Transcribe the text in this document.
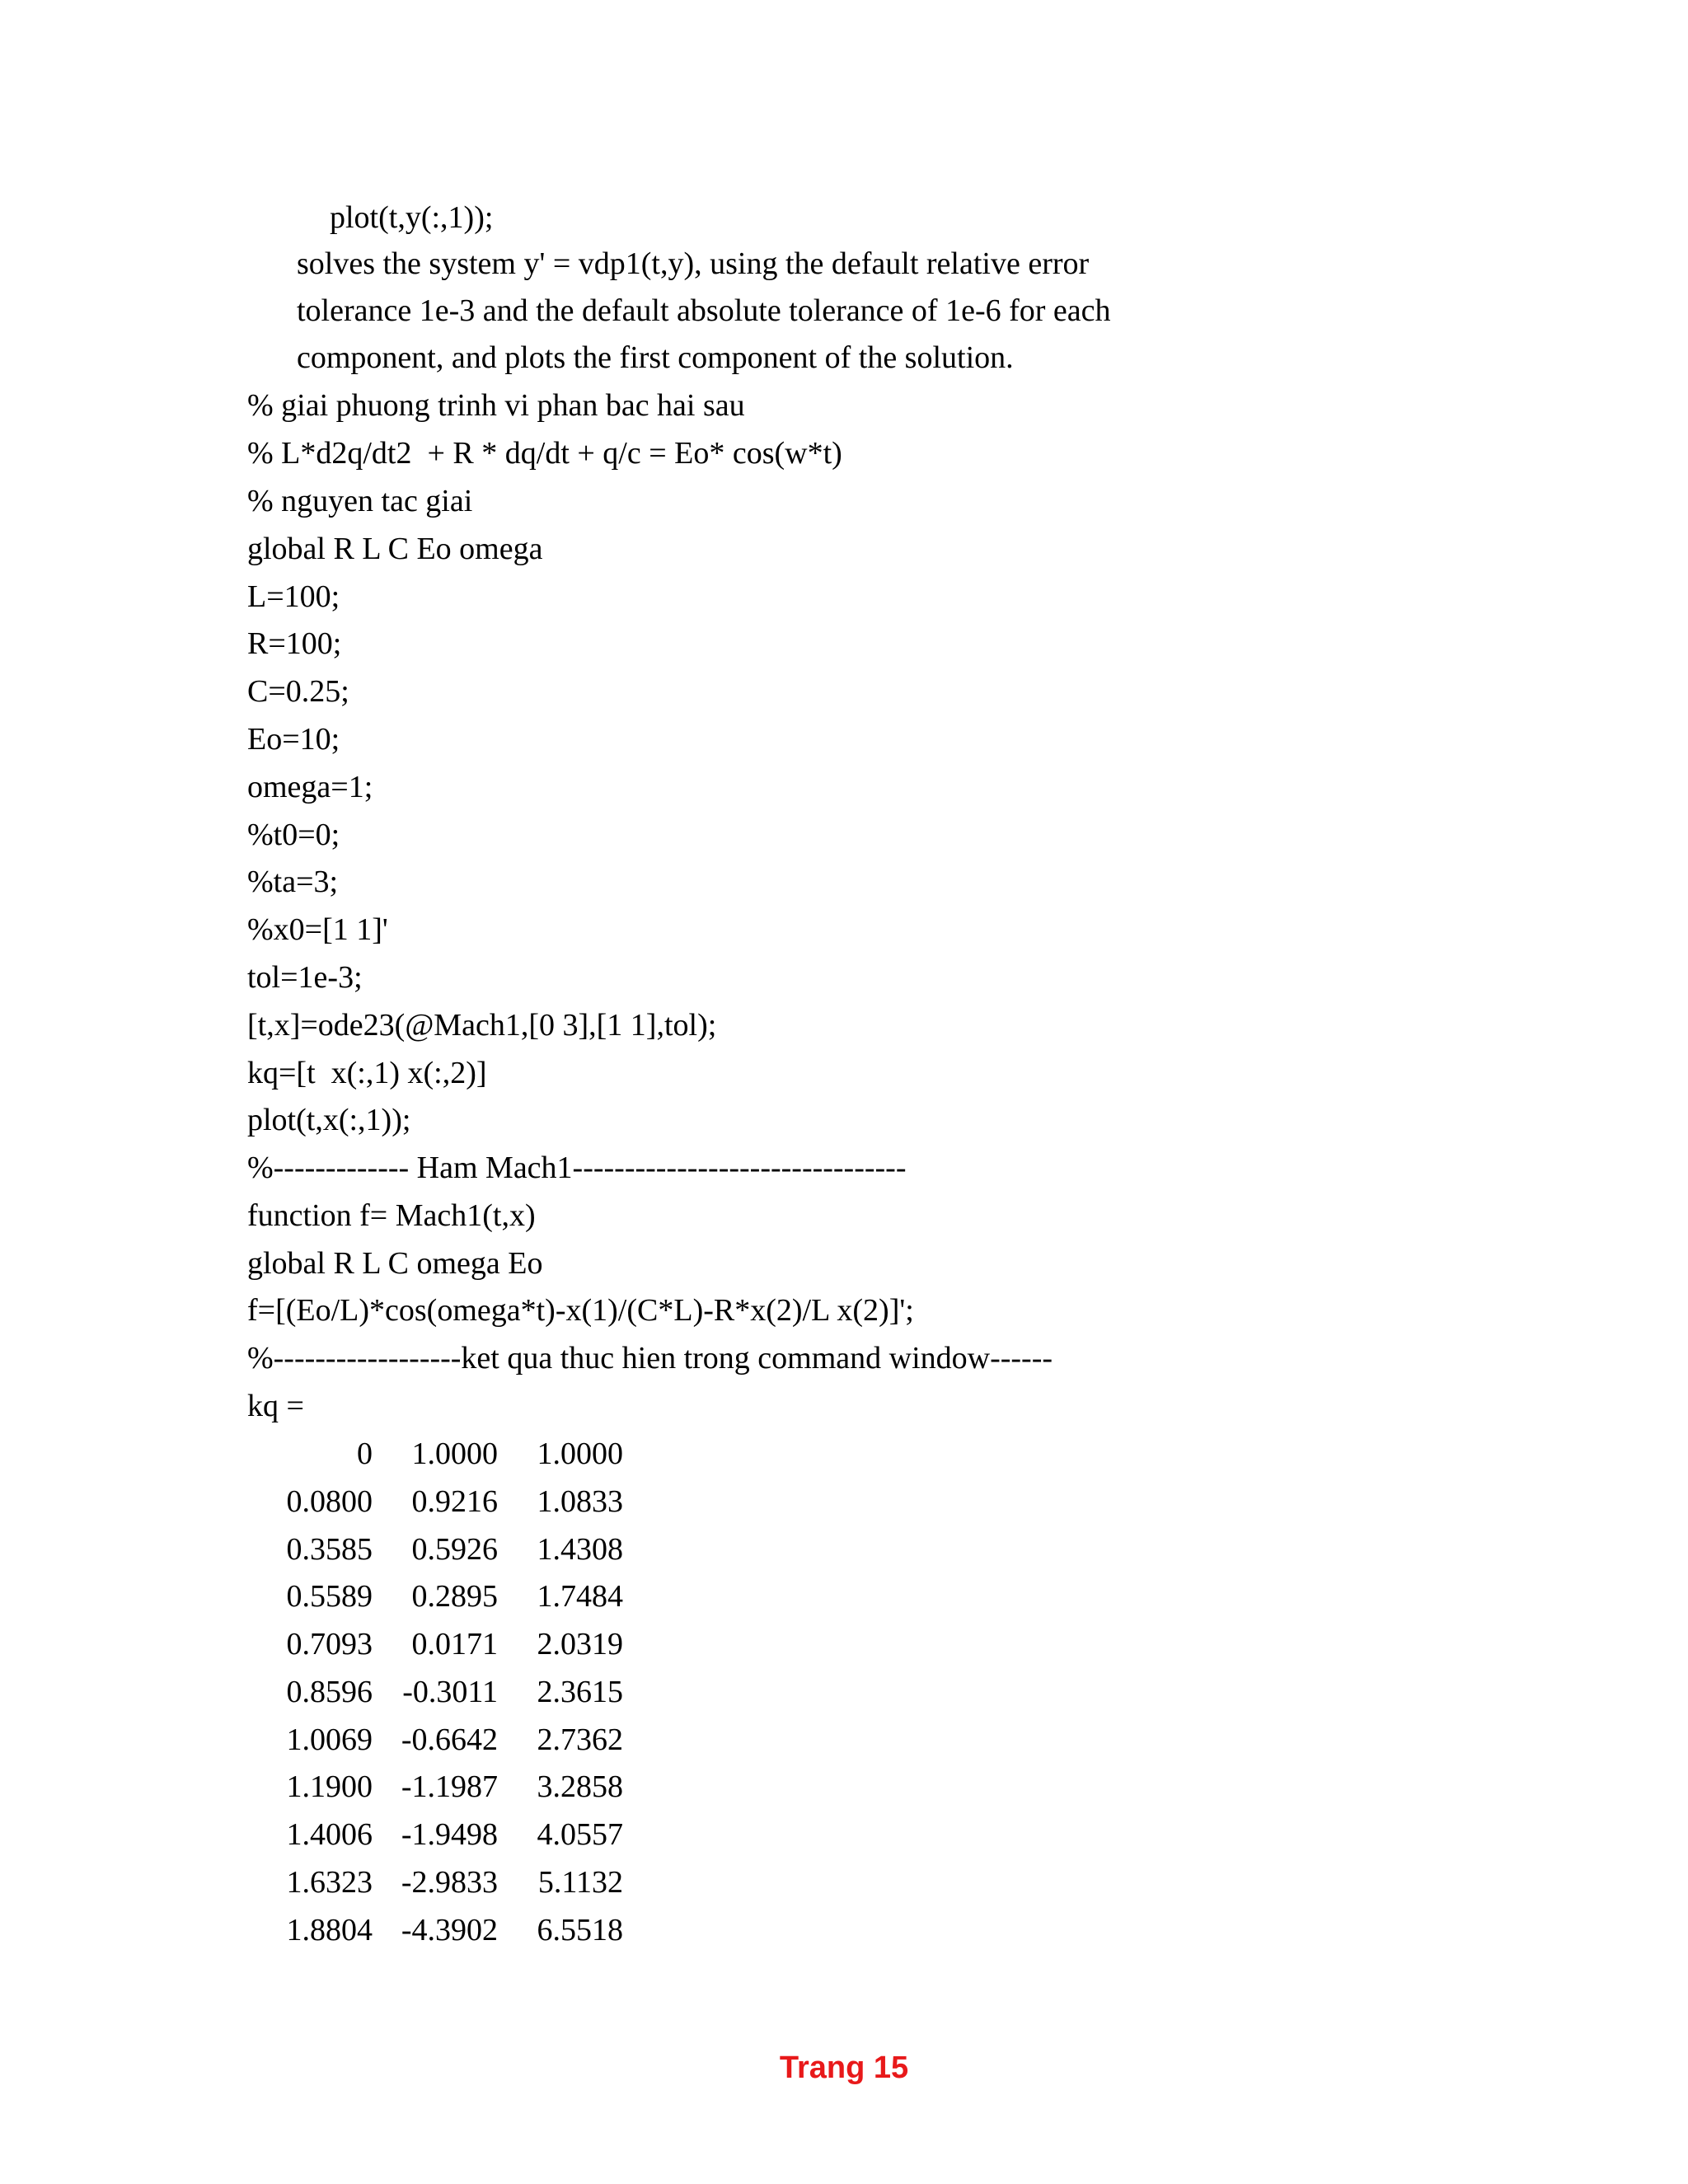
plot(t,y(:,1));
solves the system y' = vdp1(t,y), using the default relative error
tolerance 1e-3 and the default absolute tolerance of 1e-6 for each
component, and plots the first component of the solution.
% giai phuong trinh vi phan bac hai sau
% L*d2q/dt2  + R * dq/dt + q/c = Eo* cos(w*t)
% nguyen tac giai
global R L C Eo omega
L=100;
R=100;
C=0.25;
Eo=10;
omega=1;
%t0=0;
%ta=3;
%x0=[1 1]'
tol=1e-3;
[t,x]=ode23(@Mach1,[0 3],[1 1],tol);
kq=[t  x(:,1) x(:,2)]
plot(t,x(:,1));
%------------- Ham Mach1--------------------------------
function f= Mach1(t,x)
global R L C omega Eo
f=[(Eo/L)*cos(omega*t)-x(1)/(C*L)-R*x(2)/L x(2)]';
%------------------ket qua thuc hien trong command window------
kq =
0	1.0000	1.0000
0.0800	0.9216	1.0833
0.3585	0.5926	1.4308
0.5589	0.2895	1.7484
0.7093	0.0171	2.0319
0.8596 -0.3011	2.3615
1.0069 -0.6642	2.7362
1.1900 -1.1987	3.2858
1.4006 -1.9498	4.0557
1.6323 -2.9833	5.1132
1.8804 -4.3902	6.5518
Trang 15
